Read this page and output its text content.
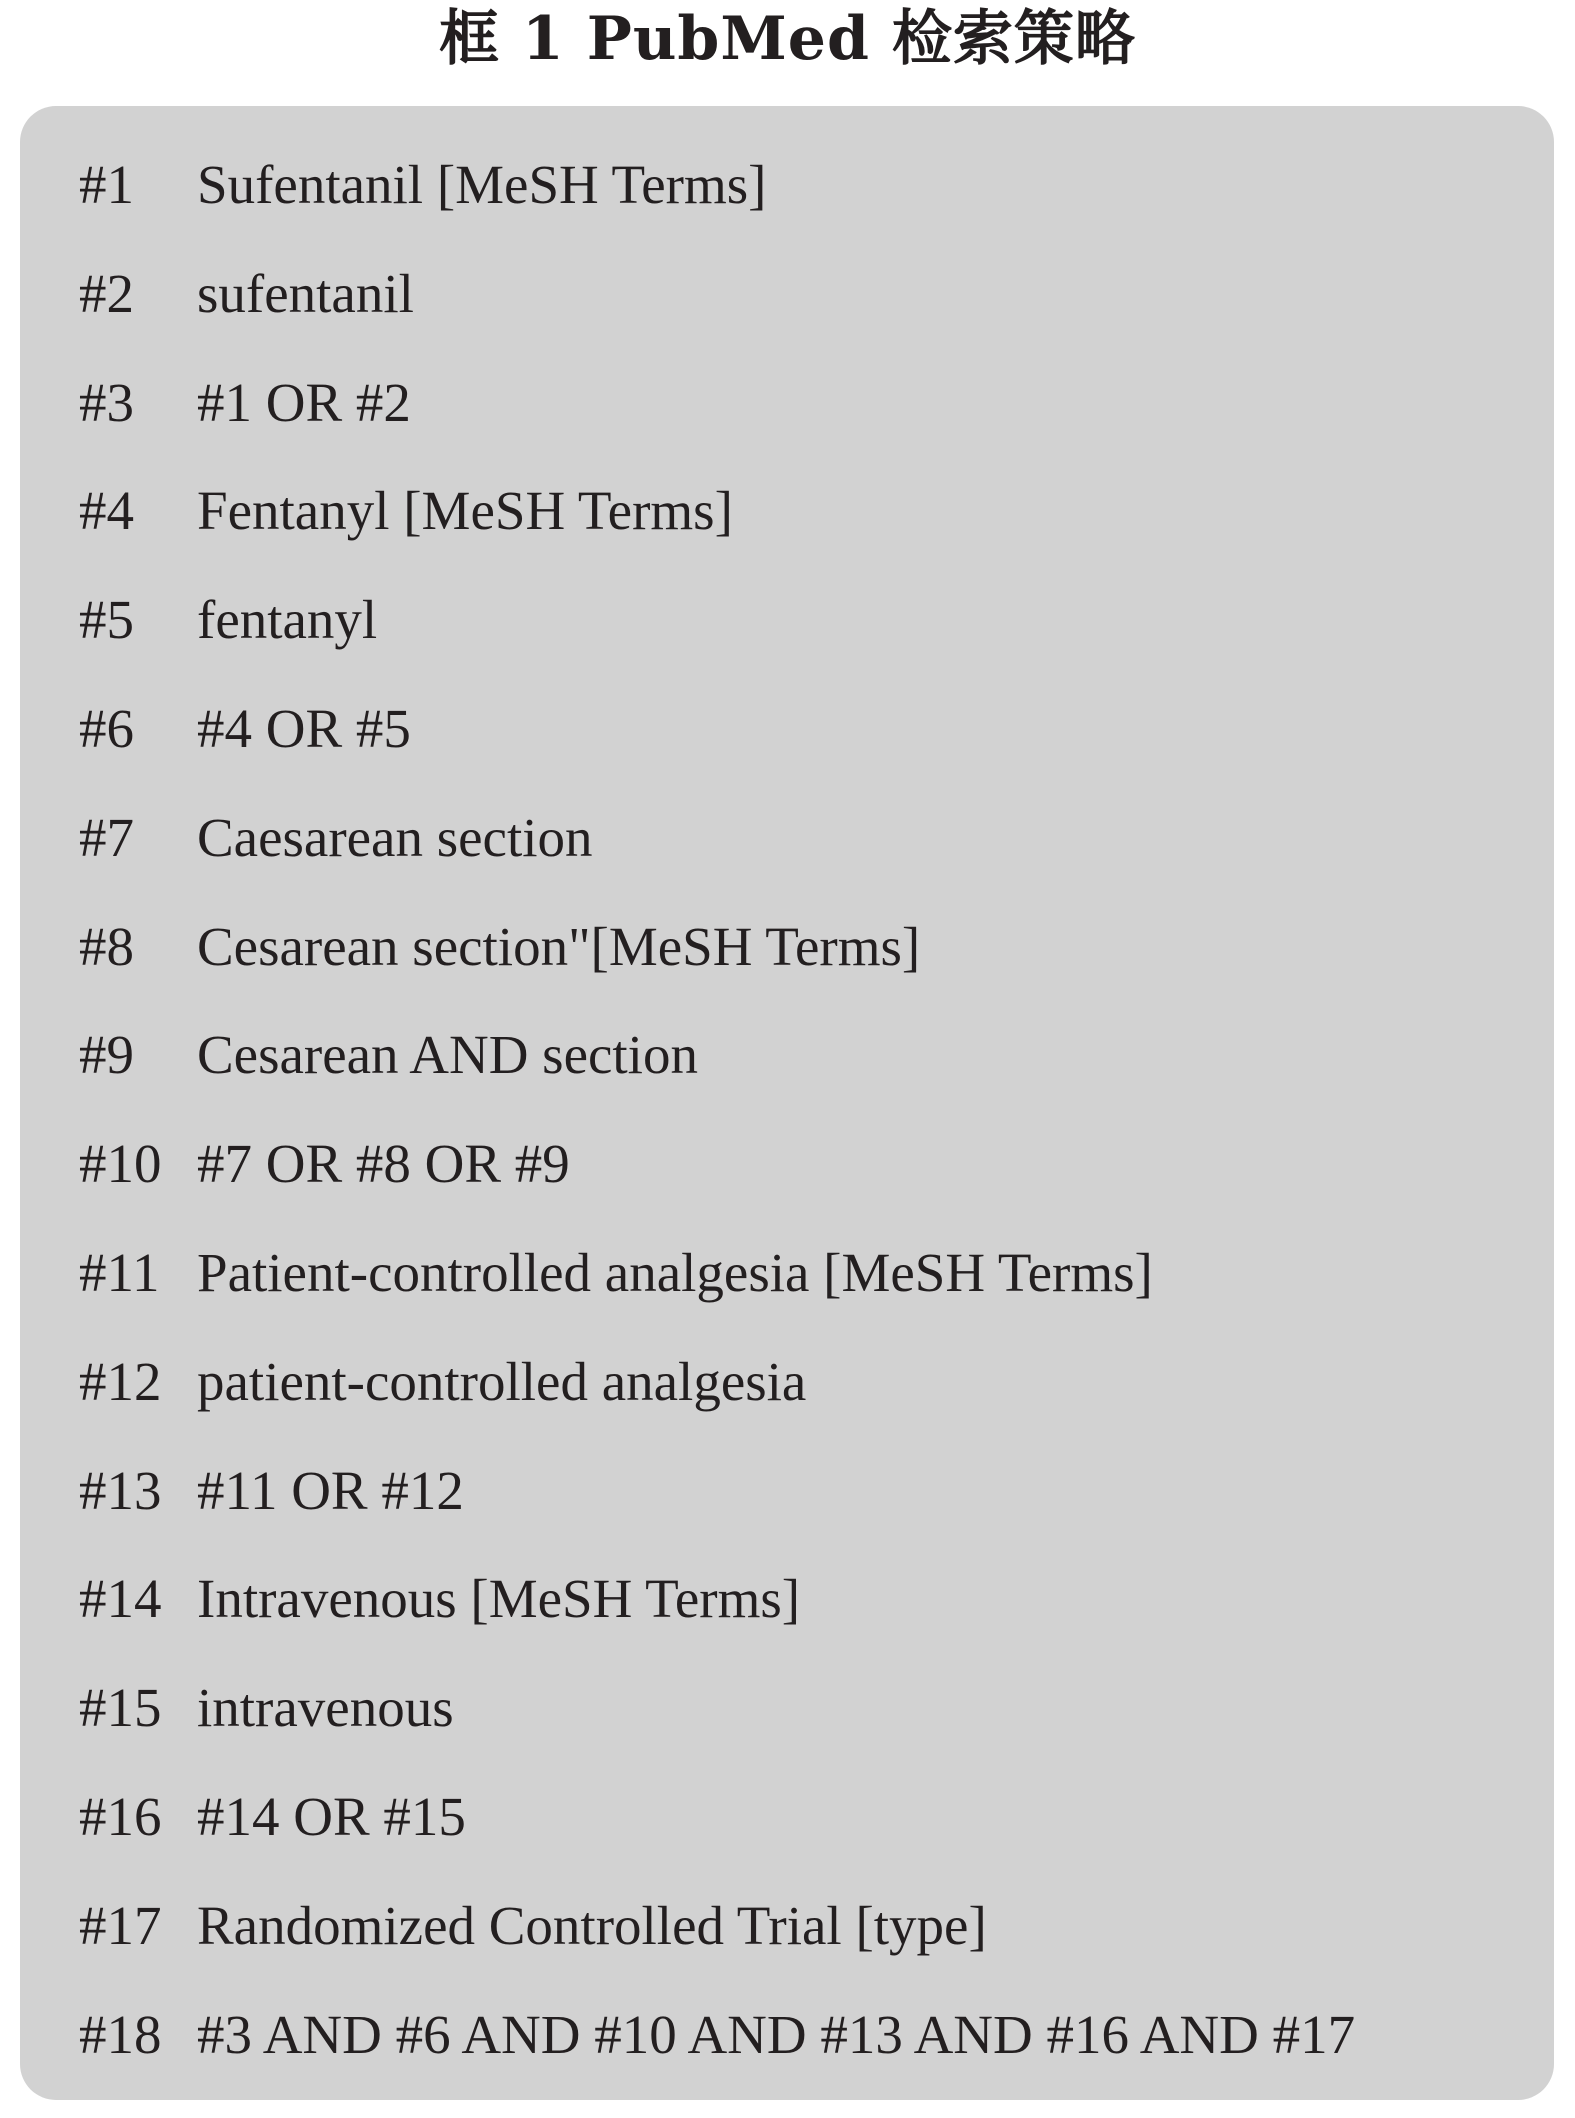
框 1 PubMed 检索策略
#1 Sufentanil [MeSH Terms]
#2 sufentanil
#3 #1 OR #2
#4 Fentanyl [MeSH Terms]
#5 fentanyl
#6 #4 OR #5
#7 Caesarean section
#8 Cesarean section"[MeSH Terms]
#9 Cesarean AND section
#10 #7 OR #8 OR #9
#11 Patient-controlled analgesia [MeSH Terms]
#12 patient-controlled analgesia
#13 #11 OR #12
#14 Intravenous [MeSH Terms]
#15 intravenous
#16 #14 OR #15
#17 Randomized Controlled Trial [type]
#18 #3 AND #6 AND #10 AND #13 AND #16 AND #17
